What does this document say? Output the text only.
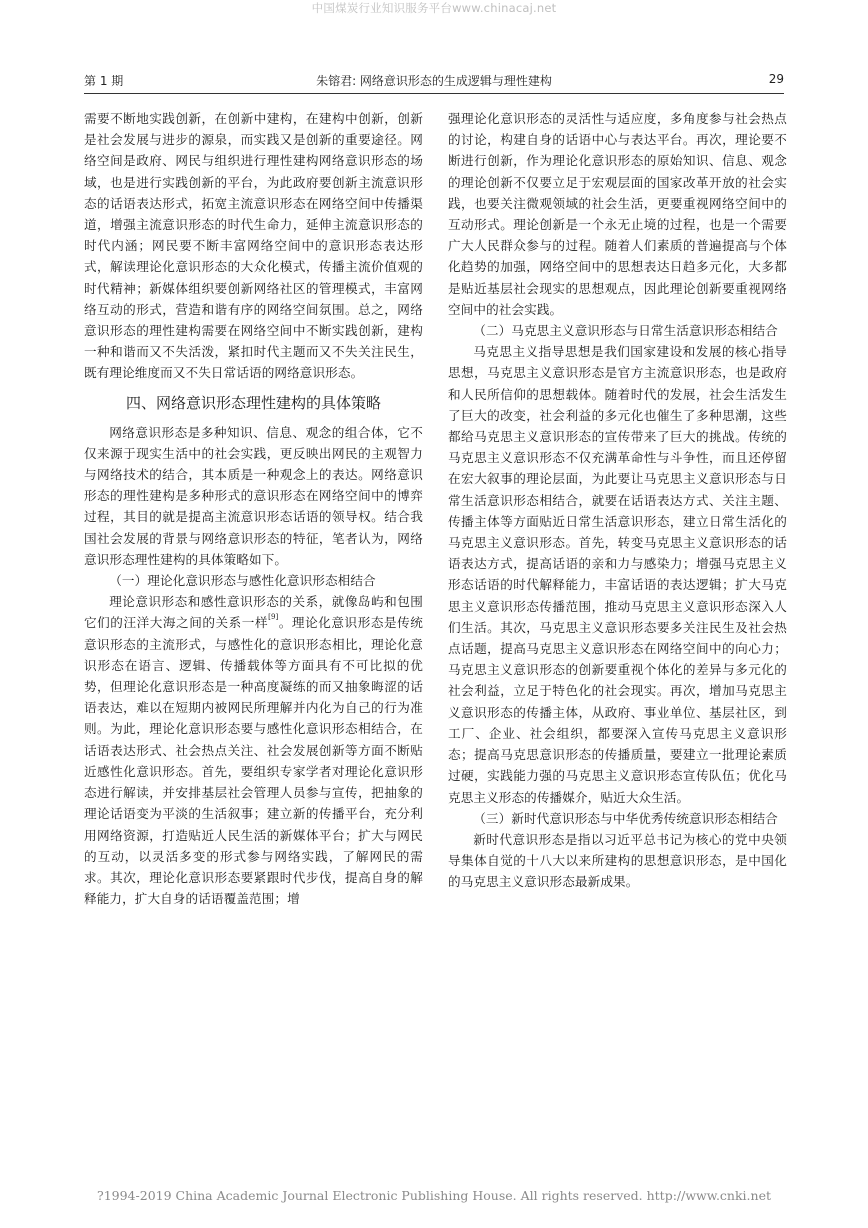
中国煤炭行业知识服务平台www.chinacaj.net
第 1 期	朱镕君: 网络意识形态的生成逻辑与理性建构	29

需要不断地实践创新，在创新中建构，在建构中创新，创新是社会发展与进步的源泉，而实践又是创新的重要途径。网络空间是政府、网民与组织进行理性建构网络意识形态的场域，也是进行实践创新的平台，为此政府要创新主流意识形态的话语表达形式，拓宽主流意识形态在网络空间中传播渠道，增强主流意识形态的时代生命力，延伸主流意识形态的时代内涵；网民要不断丰富网络空间中的意识形态表达形式，解读理论化意识形态的大众化模式，传播主流价值观的时代精神；新媒体组织要创新网络社区的管理模式，丰富网络互动的形式，营造和谐有序的网络空间氛围。总之，网络意识形态的理性建构需要在网络空间中不断实践创新，建构一种和谐而又不失活泼，紧扣时代主题而又不失关注民生，既有理论维度而又不失日常话语的网络意识形态。

四、网络意识形态理性建构的具体策略

网络意识形态是多种知识、信息、观念的组合体，它不仅来源于现实生活中的社会实践，更反映出网民的主观智力与网络技术的结合，其本质是一种观念上的表达。网络意识形态的理性建构是多种形式的意识形态在网络空间中的博弈过程，其目的就是提高主流意识形态话语的领导权。结合我国社会发展的背景与网络意识形态的特征，笔者认为，网络意识形态理性建构的具体策略如下。

（一）理论化意识形态与感性化意识形态相结合

理论意识形态和感性意识形态的关系，就像岛屿和包围它们的汪洋大海之间的关系一样[9]。理论化意识形态是传统意识形态的主流形式，与感性化的意识形态相比，理论化意识形态在语言、逻辑、传播载体等方面具有不可比拟的优势，但理论化意识形态是一种高度凝练的而又抽象晦涩的话语表达，难以在短期内被网民所理解并内化为自己的行为准则。为此，理论化意识形态要与感性化意识形态相结合，在话语表达形式、社会热点关注、社会发展创新等方面不断贴近感性化意识形态。首先，要组织专家学者对理论化意识形态进行解读，并安排基层社会管理人员参与宣传，把抽象的理论话语变为平淡的生活叙事；建立新的传播平台，充分利用网络资源，打造贴近人民生活的新媒体平台；扩大与网民的互动，以灵活多变的形式参与网络实践，了解网民的需求。其次，理论化意识形态要紧跟时代步伐，提高自身的解释能力，扩大自身的话语覆盖范围；增

强理论化意识形态的灵活性与适应度，多角度参与社会热点的讨论，构建自身的话语中心与表达平台。再次，理论要不断进行创新，作为理论化意识形态的原始知识、信息、观念的理论创新不仅要立足于宏观层面的国家改革开放的社会实践，也要关注微观领域的社会生活，更要重视网络空间中的互动形式。理论创新是一个永无止境的过程，也是一个需要广大人民群众参与的过程。随着人们素质的普遍提高与个体化趋势的加强，网络空间中的思想表达日趋多元化，大多都是贴近基层社会现实的思想观点，因此理论创新要重视网络空间中的社会实践。

（二）马克思主义意识形态与日常生活意识形态相结合

马克思主义指导思想是我们国家建设和发展的核心指导思想，马克思主义意识形态是官方主流意识形态，也是政府和人民所信仰的思想载体。随着时代的发展，社会生活发生了巨大的改变，社会利益的多元化也催生了多种思潮，这些都给马克思主义意识形态的宣传带来了巨大的挑战。传统的马克思主义意识形态不仅充满革命性与斗争性，而且还停留在宏大叙事的理论层面，为此要让马克思主义意识形态与日常生活意识形态相结合，就要在话语表达方式、关注主题、传播主体等方面贴近日常生活意识形态，建立日常生活化的马克思主义意识形态。首先，转变马克思主义意识形态的话语表达方式，提高话语的亲和力与感染力；增强马克思主义形态话语的时代解释能力，丰富话语的表达逻辑；扩大马克思主义意识形态传播范围，推动马克思主义意识形态深入人们生活。其次，马克思主义意识形态要多关注民生及社会热点话题，提高马克思主义意识形态在网络空间中的向心力；马克思主义意识形态的创新要重视个体化的差异与多元化的社会利益，立足于特色化的社会现实。再次，增加马克思主义意识形态的传播主体，从政府、事业单位、基层社区，到工厂、企业、社会组织，都要深入宣传马克思主义意识形态；提高马克思意识形态的传播质量，要建立一批理论素质过硬，实践能力强的马克思主义意识形态宣传队伍；优化马克思主义形态的传播媒介，贴近大众生活。

（三）新时代意识形态与中华优秀传统意识形态相结合

新时代意识形态是指以习近平总书记为核心的党中央领导集体自觉的十八大以来所建构的思想意识形态，是中国化的马克思主义意识形态最新成果。

?1994-2019 China Academic Journal Electronic Publishing House. All rights reserved. http://www.cnki.net
